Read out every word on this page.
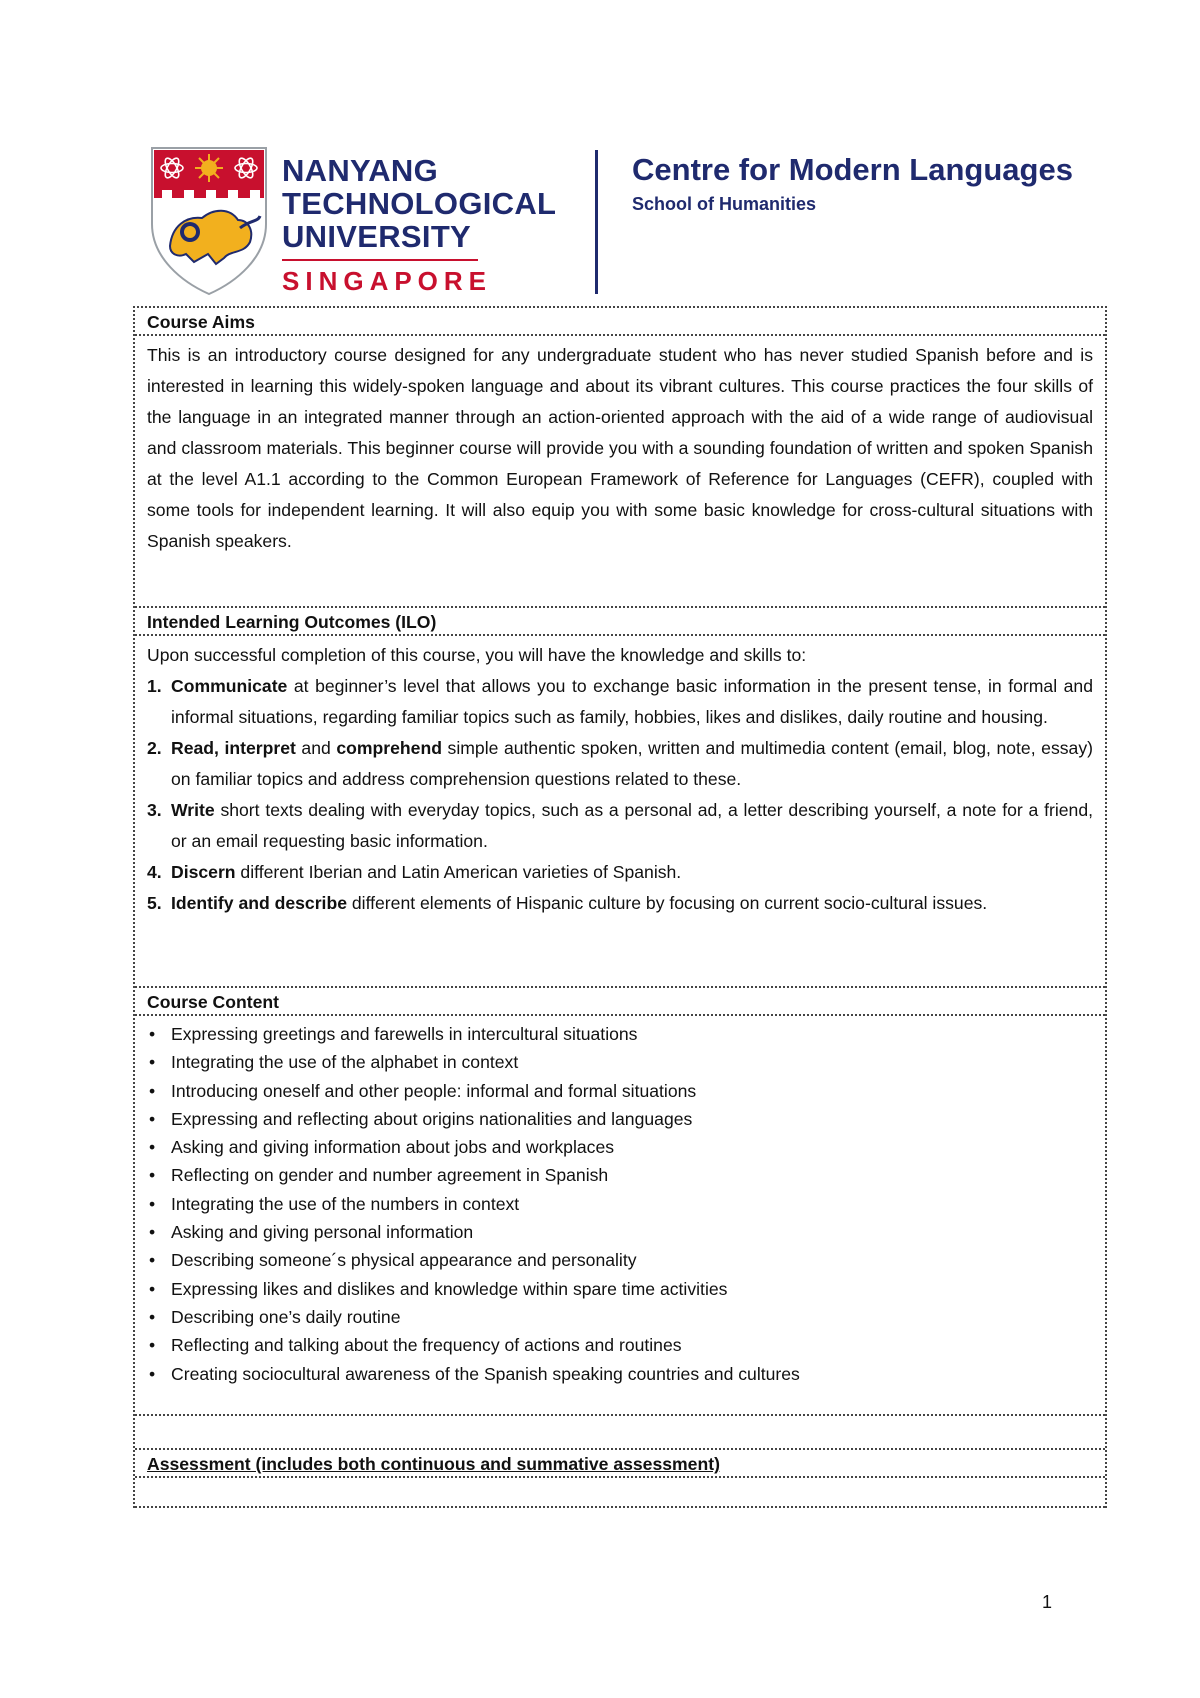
NANYANG
TECHNOLOGICAL
UNIVERSITY
SINGAPORE
Centre for Modern Languages
School of Humanities
Course Aims

This is an introductory course designed for any undergraduate student who has never studied Spanish before and is interested in learning this widely-spoken language and about its vibrant cultures. This course practices the four skills of the language in an integrated manner through an action-oriented approach with the aid of a wide range of audiovisual and classroom materials. This beginner course will provide you with a sounding foundation of written and spoken Spanish at the level A1.1 according to the Common European Framework of Reference for Languages (CEFR), coupled with some tools for independent learning. It will also equip you with some basic knowledge for cross-cultural situations with Spanish speakers.

Intended Learning Outcomes (ILO)

Upon successful completion of this course, you will have the knowledge and skills to:

1. Communicate at beginner’s level that allows you to exchange basic information in the present tense, in formal and informal situations, regarding familiar topics such as family, hobbies, likes and dislikes, daily routine and housing.
2. Read, interpret and comprehend simple authentic spoken, written and multimedia content (email, blog, note, essay) on familiar topics and address comprehension questions related to these.
3. Write short texts dealing with everyday topics, such as a personal ad, a letter describing yourself, a note for a friend, or an email requesting basic information.
4. Discern different Iberian and Latin American varieties of Spanish.
5. Identify and describe different elements of Hispanic culture by focusing on current socio-cultural issues.
Course Content
• Expressing greetings and farewells in intercultural situations
• Integrating the use of the alphabet in context
• Introducing oneself and other people: informal and formal situations
• Expressing and reflecting about origins nationalities and languages
• Asking and giving information about jobs and workplaces
• Reflecting on gender and number agreement in Spanish
• Integrating the use of the numbers in context
• Asking and giving personal information
• Describing someone´s physical appearance and personality
• Expressing likes and dislikes and knowledge within spare time activities
• Describing one’s daily routine
• Reflecting and talking about the frequency of actions and routines
• Creating sociocultural awareness of the Spanish speaking countries and cultures
Assessment (includes both continuous and summative assessment)
1
